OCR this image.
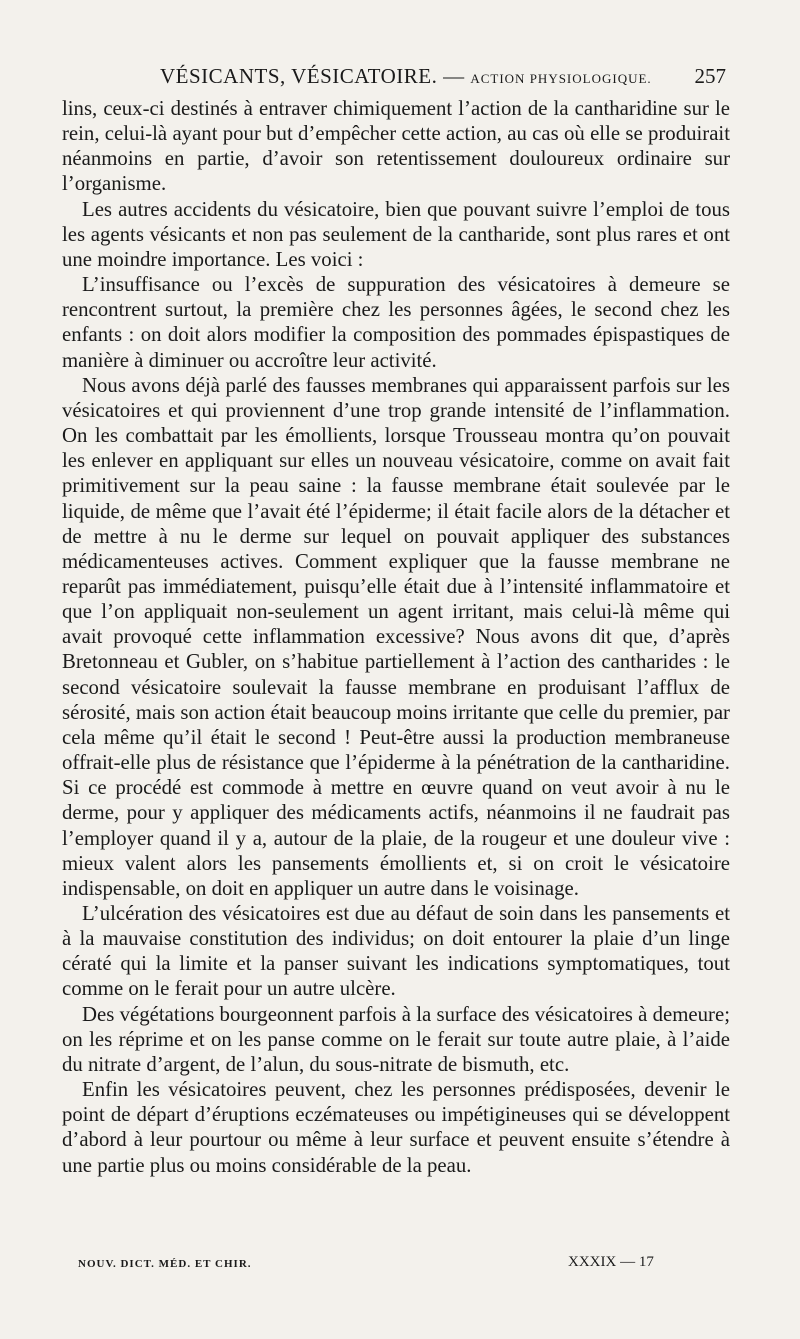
VÉSICANTS, VÉSICATOIRE. — ACTION PHYSIOLOGIQUE. 257

lins, ceux-ci destinés à entraver chimiquement l’action de la cantharidine sur le rein, celui-là ayant pour but d’empêcher cette action, au cas où elle se produirait néanmoins en partie, d’avoir son retentissement douloureux ordinaire sur l’organisme.

Les autres accidents du vésicatoire, bien que pouvant suivre l’emploi de tous les agents vésicants et non pas seulement de la cantharide, sont plus rares et ont une moindre importance. Les voici :

L’insuffisance ou l’excès de suppuration des vésicatoires à demeure se rencontrent surtout, la première chez les personnes âgées, le second chez les enfants : on doit alors modifier la composition des pommades épispastiques de manière à diminuer ou accroître leur activité.

Nous avons déjà parlé des fausses membranes qui apparaissent parfois sur les vésicatoires et qui proviennent d’une trop grande intensité de l’inflammation. On les combattait par les émollients, lorsque Trousseau montra qu’on pouvait les enlever en appliquant sur elles un nouveau vésicatoire, comme on avait fait primitivement sur la peau saine : la fausse membrane était soulevée par le liquide, de même que l’avait été l’épiderme; il était facile alors de la détacher et de mettre à nu le derme sur lequel on pouvait appliquer des substances médicamenteuses actives. Comment expliquer que la fausse membrane ne reparût pas immédiatement, puisqu’elle était due à l’intensité inflammatoire et que l’on appliquait non-seulement un agent irritant, mais celui-là même qui avait provoqué cette inflammation excessive? Nous avons dit que, d’après Bretonneau et Gubler, on s’habitue partiellement à l’action des cantharides : le second vésicatoire soulevait la fausse membrane en produisant l’afflux de sérosité, mais son action était beaucoup moins irritante que celle du premier, par cela même qu’il était le second ! Peut-être aussi la production membraneuse offrait-elle plus de résistance que l’épiderme à la pénétration de la cantharidine. Si ce procédé est commode à mettre en œuvre quand on veut avoir à nu le derme, pour y appliquer des médicaments actifs, néanmoins il ne faudrait pas l’employer quand il y a, autour de la plaie, de la rougeur et une douleur vive : mieux valent alors les pansements émollients et, si on croit le vésicatoire indispensable, on doit en appliquer un autre dans le voisinage.

L’ulcération des vésicatoires est due au défaut de soin dans les pansements et à la mauvaise constitution des individus; on doit entourer la plaie d’un linge cératé qui la limite et la panser suivant les indications symptomatiques, tout comme on le ferait pour un autre ulcère.

Des végétations bourgeonnent parfois à la surface des vésicatoires à demeure; on les réprime et on les panse comme on le ferait sur toute autre plaie, à l’aide du nitrate d’argent, de l’alun, du sous-nitrate de bismuth, etc.

Enfin les vésicatoires peuvent, chez les personnes prédisposées, devenir le point de départ d’éruptions eczémateuses ou impétigineuses qui se développent d’abord à leur pourtour ou même à leur surface et peuvent ensuite s’étendre à une partie plus ou moins considérable de la peau.

NOUV. DICT. MÉD. ET CHIR.	XXXIX — 17
